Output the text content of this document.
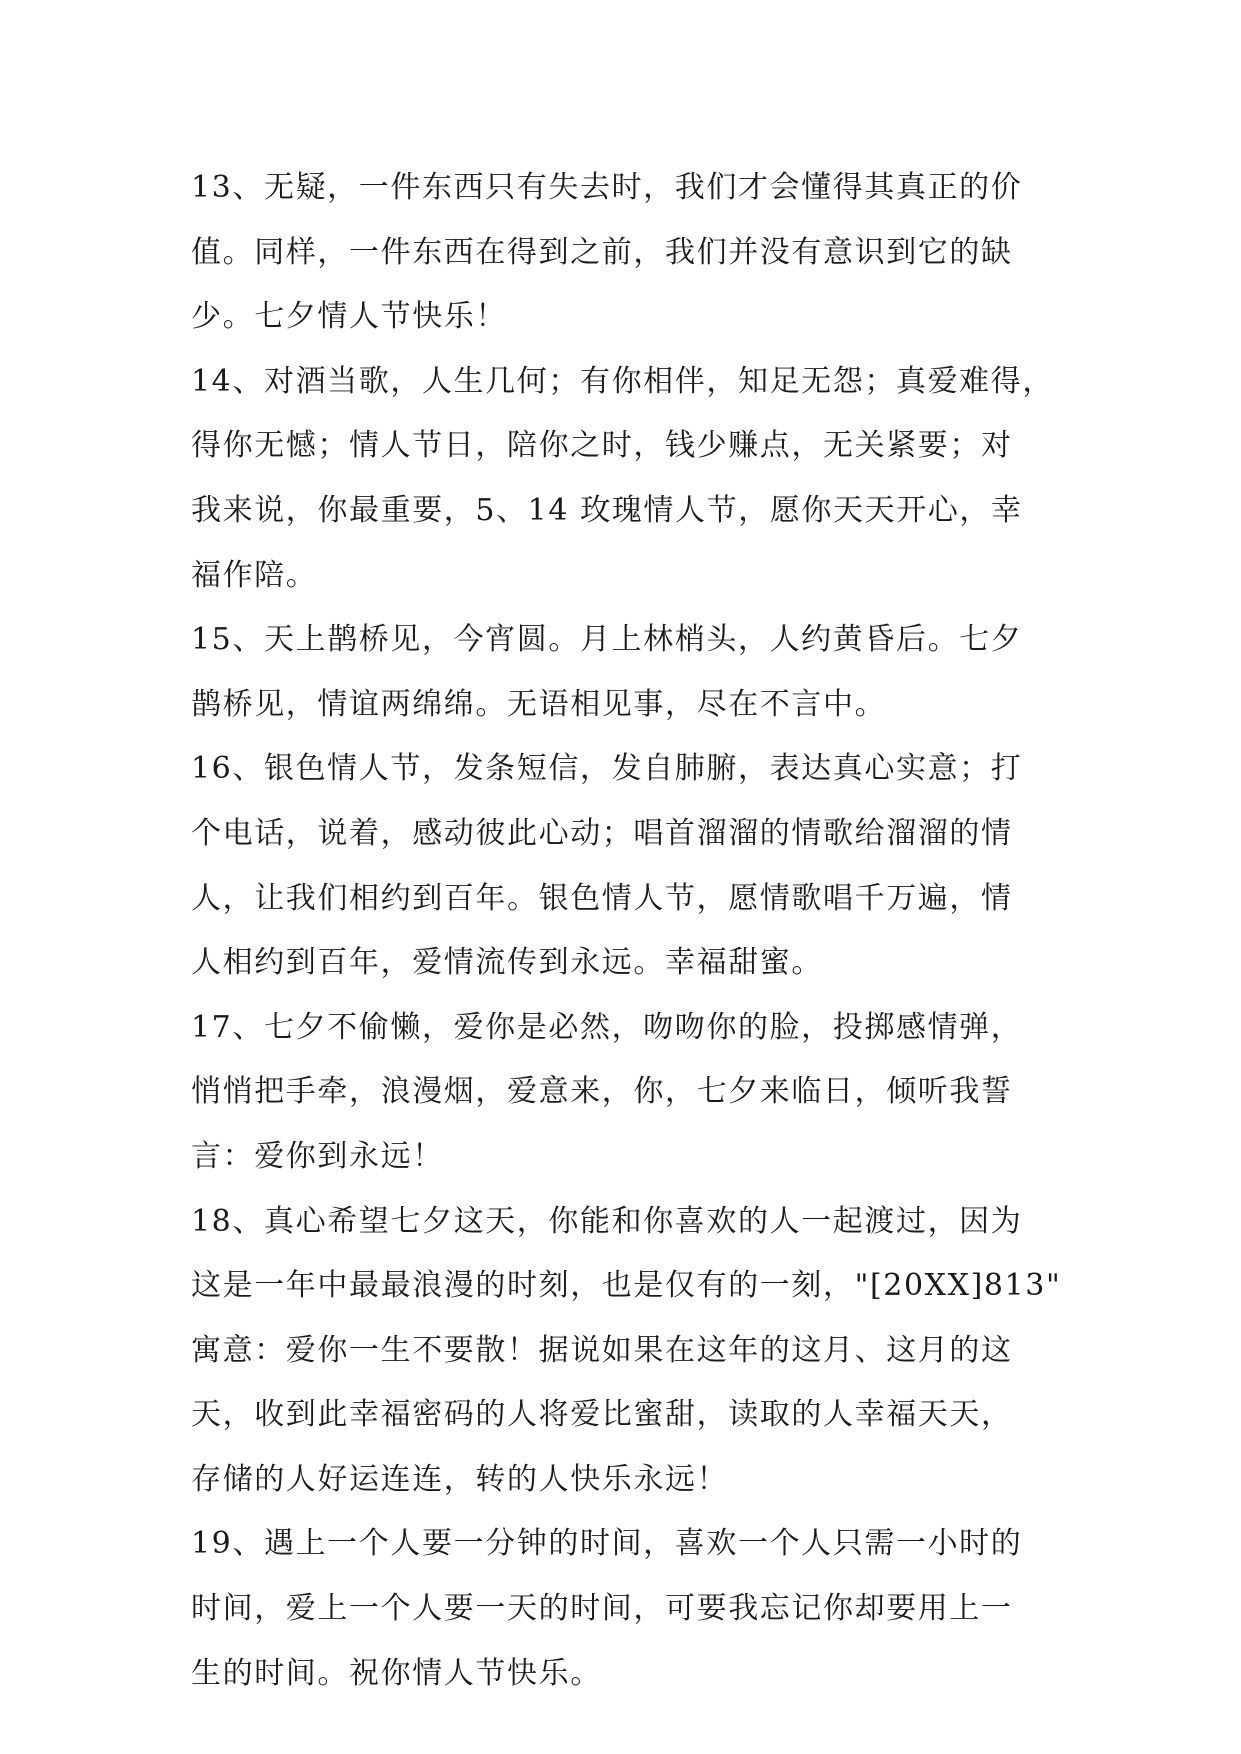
13、无疑，一件东西只有失去时，我们才会懂得其真正的价
值。同样，一件东西在得到之前，我们并没有意识到它的缺
少。七夕情人节快乐！
14、对酒当歌，人生几何；有你相伴，知足无怨；真爱难得，
得你无憾；情人节日，陪你之时，钱少赚点，无关紧要；对
我来说，你最重要，5、14 玫瑰情人节，愿你天天开心，幸
福作陪。
15、天上鹊桥见，今宵圆。月上林梢头，人约黄昏后。七夕
鹊桥见，情谊两绵绵。无语相见事，尽在不言中。
16、银色情人节，发条短信，发自肺腑，表达真心实意；打
个电话，说着，感动彼此心动；唱首溜溜的情歌给溜溜的情
人，让我们相约到百年。银色情人节，愿情歌唱千万遍，情
人相约到百年，爱情流传到永远。幸福甜蜜。
17、七夕不偷懒，爱你是必然，吻吻你的脸，投掷感情弹，
悄悄把手牵，浪漫烟，爱意来，你，七夕来临日，倾听我誓
言：爱你到永远！
18、真心希望七夕这天，你能和你喜欢的人一起渡过，因为
这是一年中最最浪漫的时刻，也是仅有的一刻，"[20XX]813"
寓意：爱你一生不要散！据说如果在这年的这月、这月的这
天，收到此幸福密码的人将爱比蜜甜，读取的人幸福天天，
存储的人好运连连，转的人快乐永远！
19、遇上一个人要一分钟的时间，喜欢一个人只需一小时的
时间，爱上一个人要一天的时间，可要我忘记你却要用上一
生的时间。祝你情人节快乐。
